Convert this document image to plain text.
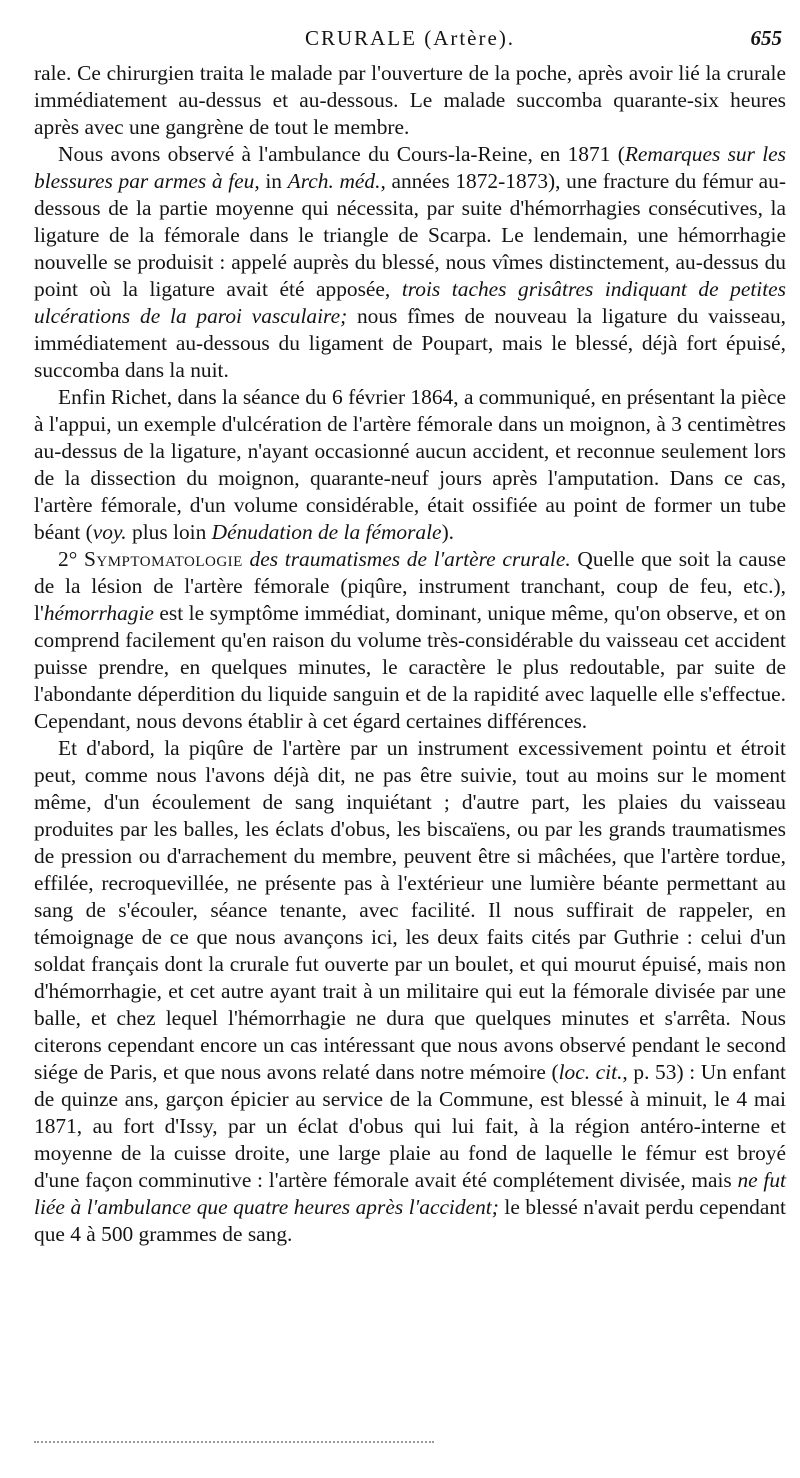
CRURALE (Artère).	655

rale. Ce chirurgien traita le malade par l'ouverture de la poche, après avoir lié la crurale immédiatement au-dessus et au-dessous. Le malade succomba quarante-six heures après avec une gangrène de tout le membre.

Nous avons observé à l'ambulance du Cours-la-Reine, en 1871 (Remarques sur les blessures par armes à feu, in Arch. méd., années 1872-1873), une fracture du fémur au-dessous de la partie moyenne qui nécessita, par suite d'hémorrhagies consécutives, la ligature de la fémorale dans le triangle de Scarpa. Le lendemain, une hémorrhagie nouvelle se produisit : appelé auprès du blessé, nous vîmes distinctement, au-dessus du point où la ligature avait été apposée, trois taches grisâtres indiquant de petites ulcérations de la paroi vasculaire; nous fîmes de nouveau la ligature du vaisseau, immédiatement au-dessous du ligament de Poupart, mais le blessé, déjà fort épuisé, succomba dans la nuit.

Enfin Richet, dans la séance du 6 février 1864, a communiqué, en présentant la pièce à l'appui, un exemple d'ulcération de l'artère fémorale dans un moignon, à 3 centimètres au-dessus de la ligature, n'ayant occasionné aucun accident, et reconnue seulement lors de la dissection du moignon, quarante-neuf jours après l'amputation. Dans ce cas, l'artère fémorale, d'un volume considérable, était ossifiée au point de former un tube béant (voy. plus loin Dénudation de la fémorale).

2° Symptomatologie des traumatismes de l'artère crurale. Quelle que soit la cause de la lésion de l'artère fémorale (piqûre, instrument tranchant, coup de feu, etc.), l'hémorrhagie est le symptôme immédiat, dominant, unique même, qu'on observe, et on comprend facilement qu'en raison du volume très-considérable du vaisseau cet accident puisse prendre, en quelques minutes, le caractère le plus redoutable, par suite de l'abondante déperdition du liquide sanguin et de la rapidité avec laquelle elle s'effectue. Cependant, nous devons établir à cet égard certaines différences.

Et d'abord, la piqûre de l'artère par un instrument excessivement pointu et étroit peut, comme nous l'avons déjà dit, ne pas être suivie, tout au moins sur le moment même, d'un écoulement de sang inquiétant ; d'autre part, les plaies du vaisseau produites par les balles, les éclats d'obus, les biscaïens, ou par les grands traumatismes de pression ou d'arrachement du membre, peuvent être si mâchées, que l'artère tordue, effilée, recroquevillée, ne présente pas à l'extérieur une lumière béante permettant au sang de s'écouler, séance tenante, avec facilité. Il nous suffirait de rappeler, en témoignage de ce que nous avançons ici, les deux faits cités par Guthrie : celui d'un soldat français dont la crurale fut ouverte par un boulet, et qui mourut épuisé, mais non d'hémorrhagie, et cet autre ayant trait à un militaire qui eut la fémorale divisée par une balle, et chez lequel l'hémorrhagie ne dura que quelques minutes et s'arrêta. Nous citerons cependant encore un cas intéressant que nous avons observé pendant le second siége de Paris, et que nous avons relaté dans notre mémoire (loc. cit., p. 53) : Un enfant de quinze ans, garçon épicier au service de la Commune, est blessé à minuit, le 4 mai 1871, au fort d'Issy, par un éclat d'obus qui lui fait, à la région antéro-interne et moyenne de la cuisse droite, une large plaie au fond de laquelle le fémur est broyé d'une façon comminutive : l'artère fémorale avait été complétement divisée, mais ne fut liée à l'ambulance que quatre heures après l'accident; le blessé n'avait perdu cependant que 4 à 500 grammes de sang.
